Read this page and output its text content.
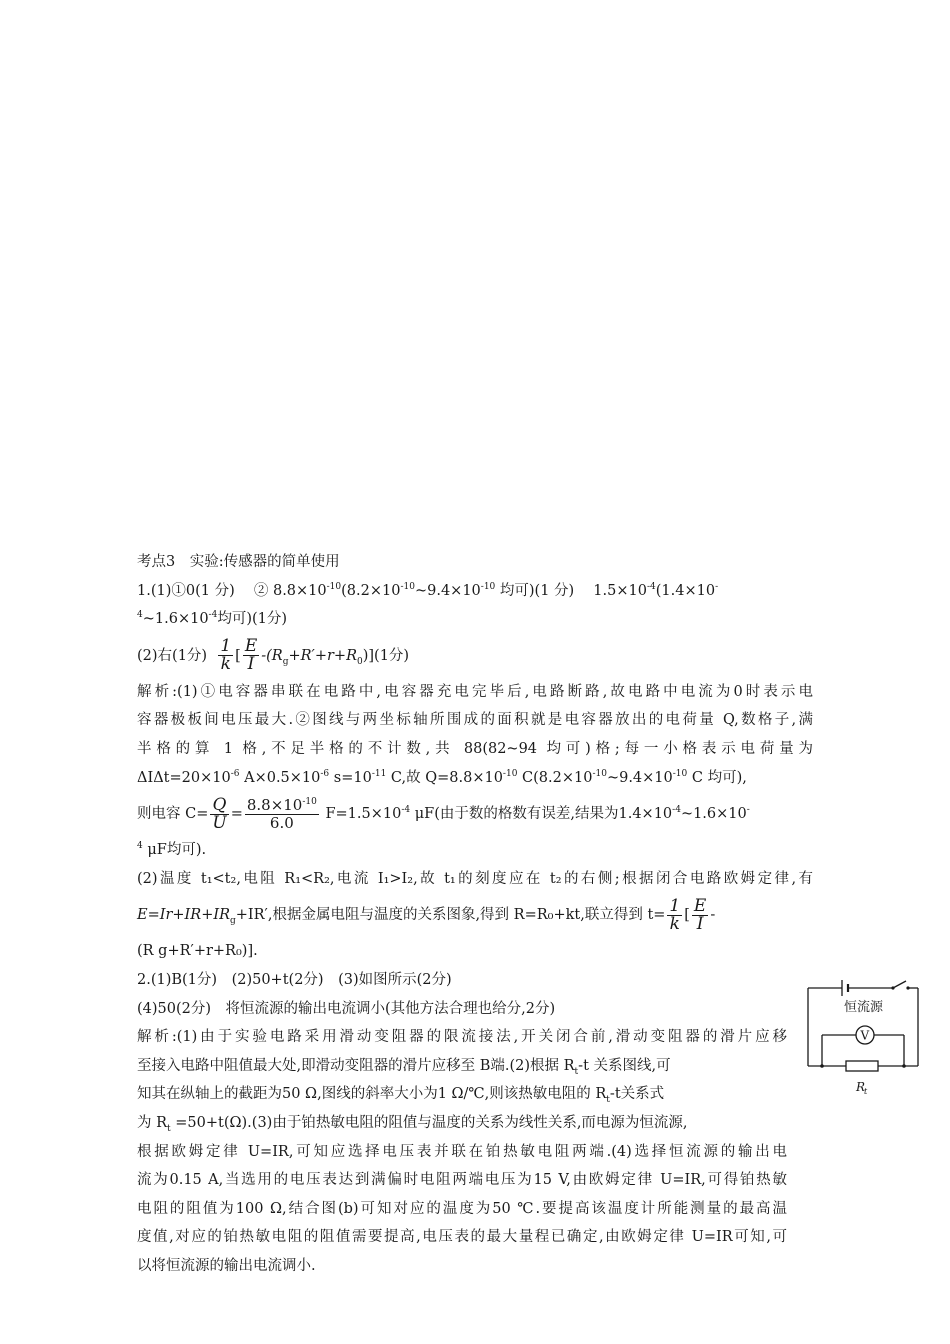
考点3　实验:传感器的简单使用
1.(1)①0(1 分)　 ② $8.8\times 10^{-10}(8.2\times 10^{-10}\sim 9.4\times 10^{-10}$ 均可)(1 分)　 $1.5\times 10^{-4}(1.4\times 10^-$
$^4\sim 1.6\times 10^{-4}$均可)(1分)
(2)右(1分) $\frac{1}{k}$ [ $\frac{E}{I} -(R_g+R'+r+R_0)](1$分)
解析:(1)①电容器串联在电路中,电容器充电完毕后,电路断路,故电路中电流为0时表示电
容器极板间电压最大.②图线与两坐标轴所围成的面积就是电容器放出的电荷量 Q,数格子,满
半格的算 1 格,不足半格的不计数,共 88(82~94 均可)格;每一小格表示电荷量为
$\Delta I\Delta t=20\times 10^{-6}$ $A\times 0.5\times 10^{-6}$ $s=10^{-11}$ C,故 $Q=8.8\times 10^{-10}$ $C(8.2\times 10^{-10}\sim 9.4\times 10^{-10}$ C 均可),
则电容 $C= \frac{Q}{U} = \frac{8.8\times 10^{-10}}{6.0} F=1.5\times 10^{-4}$ μF(由于数的格数有误差,结果为$1.4\times 10^{-4}\sim 1.6\times 10^-$
$^4$ μF均可).
(2)温度 t₁<t₂,电阻 R₁<R₂,电流 I₁>I₂,故 t₁的刻度应在 t₂的右侧;根据闭合电路欧姆定律,有
$E=Ir+IR+IR_g+IR'$,根据金属电阻与温度的关系图象,得到 R=R₀+kt,联立得到 $t= \frac{1}{k}$ [ $\frac{E}{I}$ -
(R g+R′+r+R₀)].
2.(1)B(1分)　(2)50+t(2分)　(3)如图所示(2分)
(4)50(2分)　将恒流源的输出电流调小(其他方法合理也给分,2分)
解析:(1)由于实验电路采用滑动变阻器的限流接法,开关闭合前,滑动变阻器的滑片应移
至接入电路中阻值最大处,即滑动变阻器的滑片应移至 B端.(2)根据 $R_t-t$ 关系图线,可
知其在纵轴上的截距为50 Ω,图线的斜率大小为1 Ω/℃,则该热敏电阻的 $R_t-t$关系式
为 $R_t =50+t(\Omega).(3)$由于铂热敏电阻的阻值与温度的关系为线性关系,而电源为恒流源,
根据欧姆定律 U=IR,可知应选择电压表并联在铂热敏电阻两端.(4)选择恒流源的输出电
流为0.15 A,当选用的电压表达到满偏时电阻两端电压为15 V,由欧姆定律 U=IR,可得铂热敏
电阻的阻值为100 Ω,结合图(b)可知对应的温度为50 ℃.要提高该温度计所能测量的最高温
度值,对应的铂热敏电阻的阻值需要提高,电压表的最大量程已确定,由欧姆定律 U=IR可知,可
以将恒流源的输出电流调小.
恒流源
V
R
t
